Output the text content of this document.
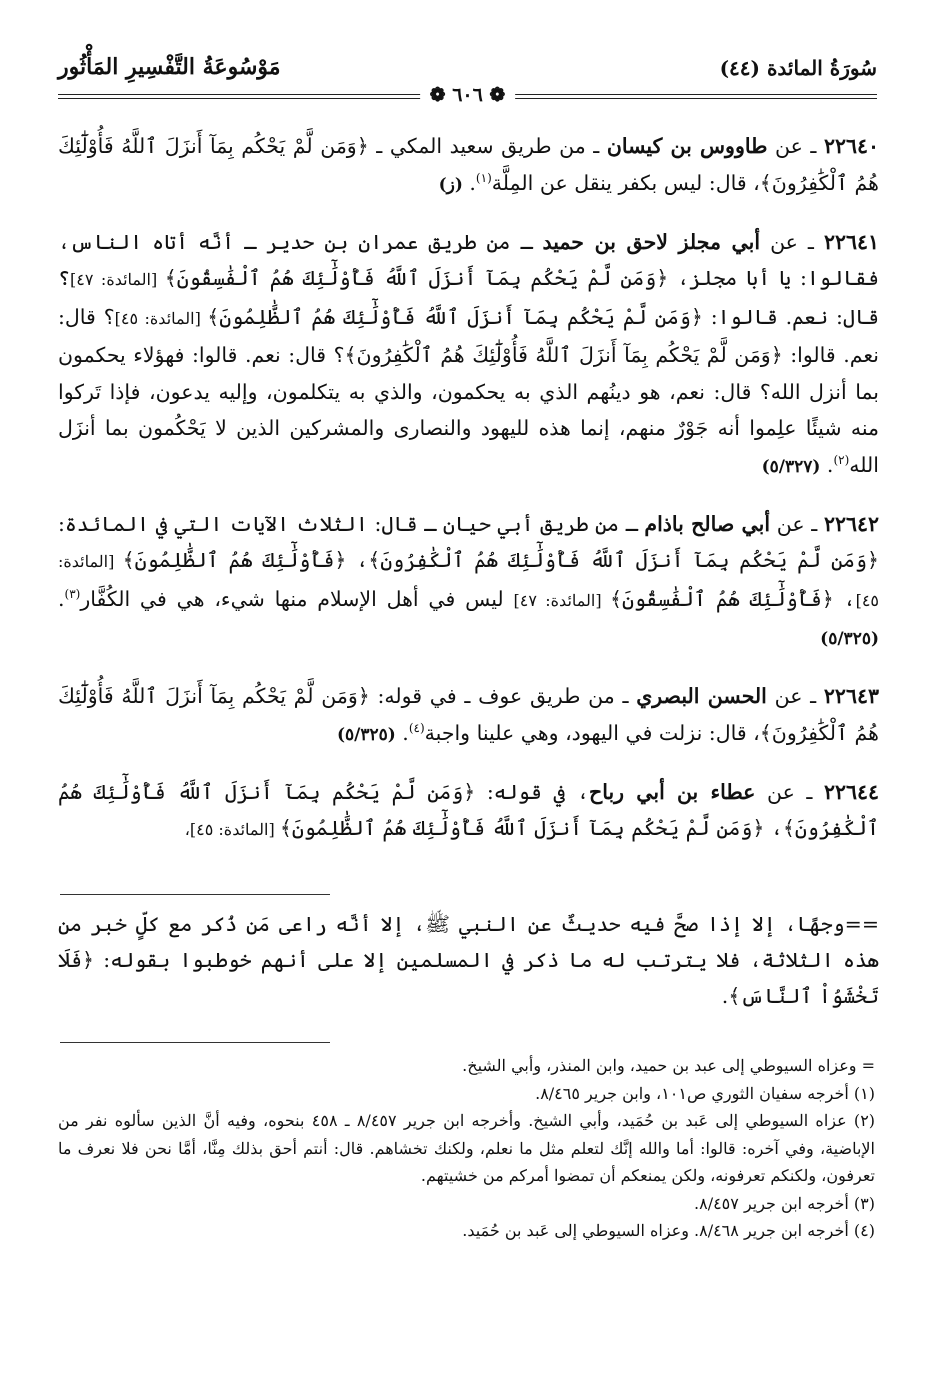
سُورَةُ المائدة (٤٤)
مَوْسُوعَةُ التَّفْسِيرِ المَأْثُور
❁ ٦٠٦ ❁

٢٢٦٤٠ ـ عن طاووس بن كيسان ـ من طريق سعيد المكي ـ ﴿وَمَن لَّمْ يَحْكُم بِمَآ أَنزَلَ ٱللَّهُ فَأُوْلَٰٓئِكَ هُمُ ٱلْكَٰفِرُونَ﴾، قال: ليس بكفر ينقل عن المِلَّة$^{(١)}$. (ز)

٢٢٦٤١ ـ عن أبي مجلز لاحق بن حميد ـ من طريق عمران بن حدير ـ أنَّه أتاه الناس، فقالوا: يا أبا مجلز، ﴿وَمَن لَّمْ يَحْكُم بِمَآ أَنزَلَ ٱللَّهُ فَأُوْلَٰٓئِكَ هُمُ ٱلْفَٰسِقُونَ﴾ [المائدة: ٤٧]؟ قال: نعم. قالوا: ﴿وَمَن لَّمْ يَحْكُم بِمَآ أَنزَلَ ٱللَّهُ فَأُوْلَٰٓئِكَ هُمُ ٱلظَّٰلِمُونَ﴾ [المائدة: ٤٥]؟ قال: نعم. قالوا: ﴿وَمَن لَّمْ يَحْكُم بِمَآ أَنزَلَ ٱللَّهُ فَأُوْلَٰٓئِكَ هُمُ ٱلْكَٰفِرُونَ﴾؟ قال: نعم. قالوا: فهؤلاء يحكمون بما أنزل الله؟ قال: نعم، هو دينُهم الذي به يحكمون، والذي به يتكلمون، وإليه يدعون، فإذا تَركوا منه شيئًا علِموا أنه جَوْرٌ منهم، إنما هذه لليهود والنصارى والمشركين الذين لا يَحْكُمون بما أنزَل الله$^{(٢)}$. (٥/٣٢٧)

٢٢٦٤٢ ـ عن أبي صالح باذام ـ من طريق أبي حيان ـ قال: الثلاث الآيات التي في المائدة: ﴿وَمَن لَّمْ يَحْكُم بِمَآ أَنزَلَ ٱللَّهُ فَأُوْلَٰٓئِكَ هُمُ ٱلْكَٰفِرُونَ﴾، ﴿فَأُوْلَٰٓئِكَ هُمُ ٱلظَّٰلِمُونَ﴾ [المائدة: ٤٥]، ﴿فَأُوْلَٰٓئِكَ هُمُ ٱلْفَٰسِقُونَ﴾ [المائدة: ٤٧] ليس في أهل الإسلام منها شيء، هي في الكُفَّار$^{(٣)}$. (٥/٣٢٥)

٢٢٦٤٣ ـ عن الحسن البصري ـ من طريق عوف ـ في قوله: ﴿وَمَن لَّمْ يَحْكُم بِمَآ أَنزَلَ ٱللَّهُ فَأُوْلَٰٓئِكَ هُمُ ٱلْكَٰفِرُونَ﴾، قال: نزلت في اليهود، وهي علينا واجبة$^{(٤)}$. (٥/٣٢٥)

٢٢٦٤٤ ـ عن عطاء بن أبي رباح، في قوله: ﴿وَمَن لَّمْ يَحْكُم بِمَآ أَنزَلَ ٱللَّهُ فَأُوْلَٰٓئِكَ هُمُ ٱلْكَٰفِرُونَ﴾، ﴿وَمَن لَّمْ يَحْكُم بِمَآ أَنزَلَ ٱللَّهُ فَأُوْلَٰٓئِكَ هُمُ ٱلظَّٰلِمُونَ﴾ [المائدة: ٤٥]،

==وجهًا، إلا إذا صحَّ فيه حديثٌ عن النبي ﷺ، إلا أنَّه راعى مَن ذُكر مع كلٍّ خبر من هذه الثلاثة، فلا يترتب له ما ذكر في المسلمين إلا على أنهم خوطبوا بقوله: ﴿فَلَا تَخْشَوُاْ ٱلنَّاسَ﴾.

= وعزاه السيوطي إلى عبد بن حميد، وابن المنذر، وأبي الشيخ.

(١) أخرجه سفيان الثوري ص١٠١، وابن جرير ٨/٤٦٥.

(٢) عزاه السيوطي إلى عَبد بن حُمَيد، وأبي الشيخ. وأخرجه ابن جرير ٨/٤٥٧ ـ ٤٥٨ بنحوه، وفيه أنَّ الذين سألوه نفر من الإباضية، وفي آخره: قالوا: أما والله إنَّك لتعلم مثل ما نعلم، ولكنك تخشاهم. قال: أنتم أحق بذلك مِنَّا، أمَّا نحن فلا نعرف ما تعرفون، ولكنكم تعرفونه، ولكن يمنعكم أن تمضوا أمركم من خشيتهم.

(٣) أخرجه ابن جرير ٨/٤٥٧.

(٤) أخرجه ابن جرير ٨/٤٦٨. وعزاه السيوطي إلى عَبد بن حُمَيد.
